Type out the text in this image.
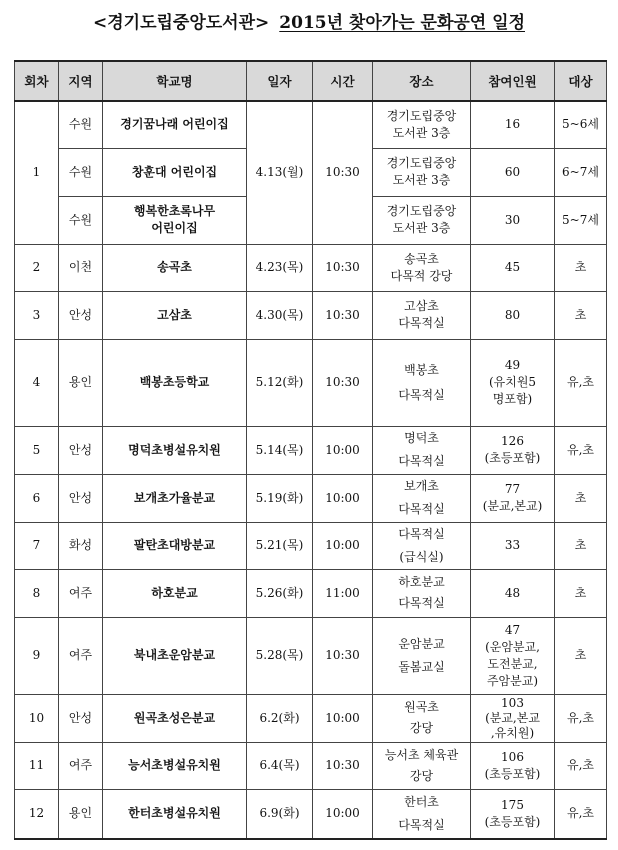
<경기도립중앙도서관> 2015년 찾아가는 문화공연 일정
회차	지역	학교명	일자	시간	장소	참여인원	대상
1	수원	경기꿈나래 어린이집	4.13(월)	10:30	경기도립중앙
도서관 3층	16	5~6세
	수원	창훈대 어린이집			경기도립중앙
도서관 3층	60	6~7세
	수원	행복한초록나무
어린이집			경기도립중앙
도서관 3층	30	5~7세
2	이천	송곡초	4.23(목)	10:30	송곡초
다목적 강당	45	초
3	안성	고삼초	4.30(목)	10:30	고삼초
다목적실	80	초
4	용인	백봉초등학교	5.12(화)	10:30	백봉초
다목적실	49
(유치원5
명포함)	유,초
5	안성	명덕초병설유치원	5.14(목)	10:00	명덕초
다목적실	126
(초등포함)	유,초
6	안성	보개초가율분교	5.19(화)	10:00	보개초
다목적실	77
(분교,본교)	초
7	화성	팔탄초대방분교	5.21(목)	10:00	다목적실
(급식실)	33	초
8	여주	하호분교	5.26(화)	11:00	하호분교
다목적실	48	초
9	여주	북내초운암분교	5.28(목)	10:30	운암분교
돌봄교실	47
(운암분교,
도전분교,
주암분교)	초
10	안성	원곡초성은분교	6.2(화)	10:00	원곡초
강당	103
(분교,본교
,유치원)	유,초
11	여주	능서초병설유치원	6.4(목)	10:30	능서초 체육관
강당	106
(초등포함)	유,초
12	용인	한터초병설유치원	6.9(화)	10:00	한터초
다목적실	175
(초등포함)	유,초
